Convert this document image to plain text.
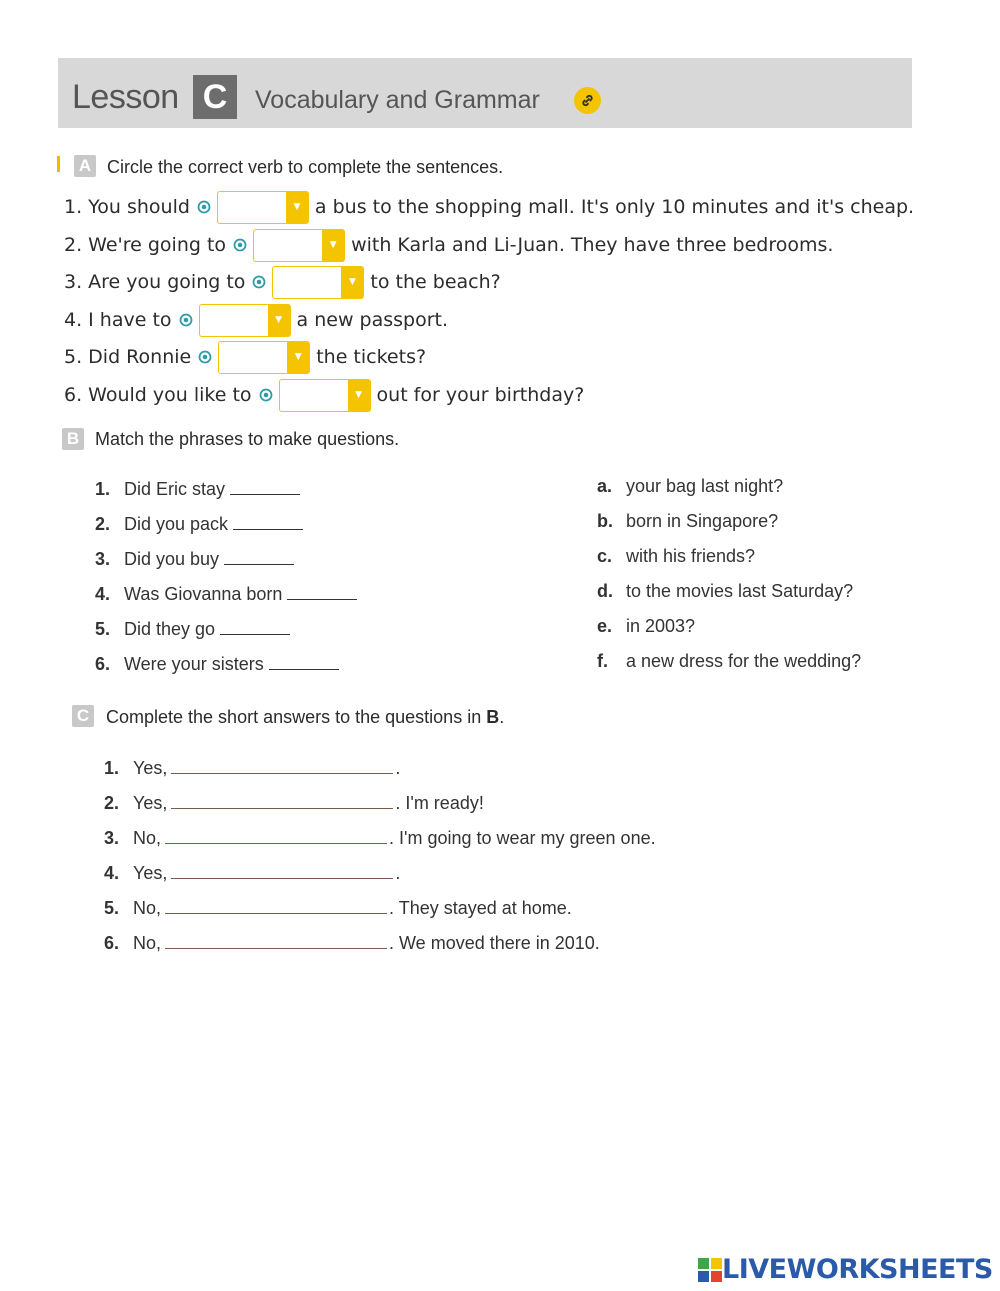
Lesson C	Vocabulary and Grammar
A Circle the correct verb to complete the sentences.
1. You should	▼ a bus to the shopping mall. It's only 10 minutes and it's cheap.
2. We're going to	▼ with Karla and Li-Juan. They have three bedrooms.
3. Are you going to	▼ to the beach?
4. I have to	▼ a new passport.
5. Did Ronnie	▼ the tickets?
6. Would you like to	▼ out for your birthday?
B Match the phrases to make questions.
1. Did Eric stay
2. Did you pack
3. Did you buy
4. Was Giovanna born
5. Did they go
6. Were your sisters
a. your bag last night?
b. born in Singapore?
c. with his friends?
d. to the movies last Saturday?
e. in 2003?
f. a new dress for the wedding?
C Complete the short answers to the questions in B.
1. Yes,	.
2. Yes,	. I'm ready!
3. No,	. I'm going to wear my green one.
4. Yes,	.
5. No,	. They stayed at home.
6. No,	. We moved there in 2010.
LIVEWORKSHEETS
